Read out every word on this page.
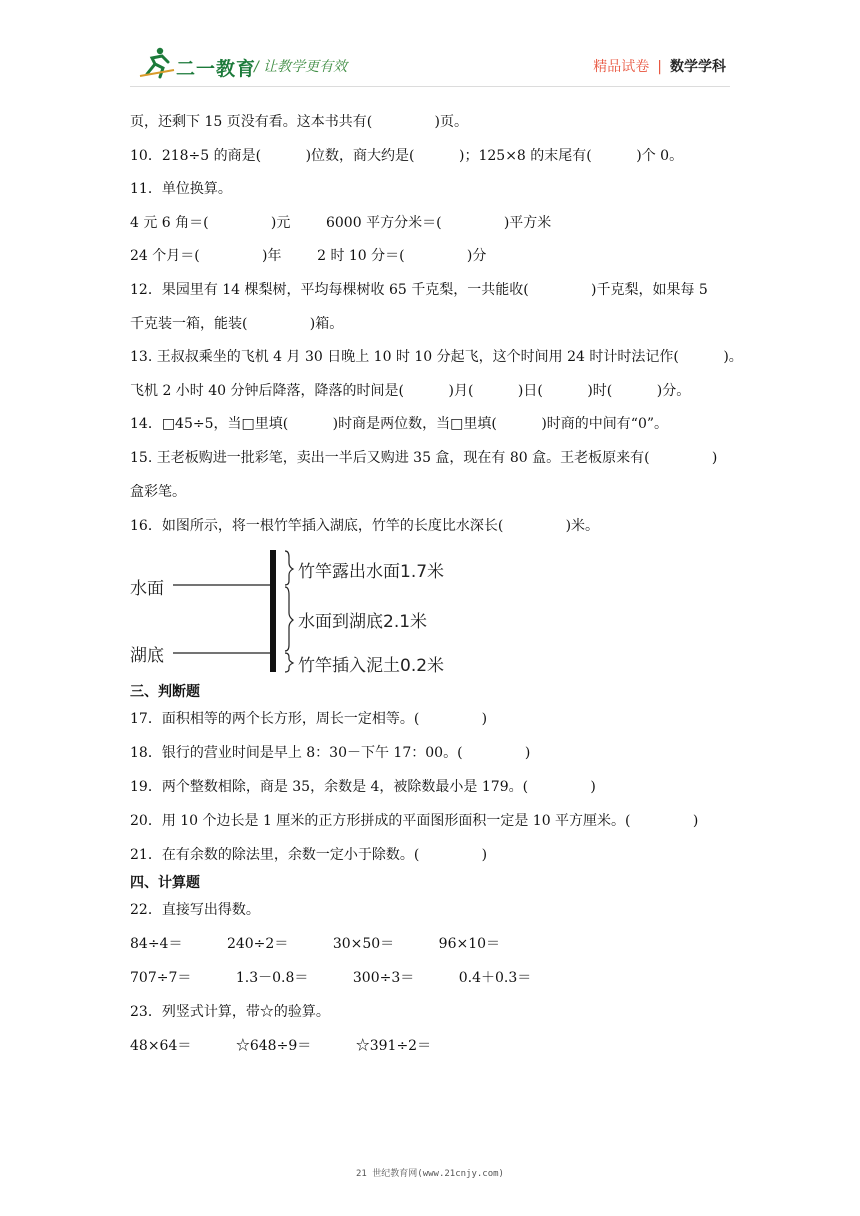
二一教育
/ 让教学更有效	精品试卷 | 数学学科
页，还剩下 15 页没有看。这本书共有(              )页。
10．218÷5 的商是(          )位数，商大约是(          )；125×8 的末尾有(          )个 0。
11．单位换算。
4 元 6 角＝(              )元        6000 平方分米＝(              )平方米
24 个月＝(              )年        2 时 10 分＝(              )分
12．果园里有 14 棵梨树，平均每棵树收 65 千克梨，一共能收(              )千克梨，如果每 5
千克装一箱，能装(              )箱。
13. 王叔叔乘坐的飞机 4 月 30 日晚上 10 时 10 分起飞，这个时间用 24 时计时法记作(          )。
飞机 2 小时 40 分钟后降落，降落的时间是(          )月(          )日(          )时(          )分。
14．□45÷5，当□里填(          )时商是两位数，当□里填(          )时商的中间有“0”。
15. 王老板购进一批彩笔，卖出一半后又购进 35 盒，现在有 80 盒。王老板原来有(              )
盒彩笔。
16．如图所示，将一根竹竿插入湖底，竹竿的长度比水深长(              )米。
水面
湖底
竹竿露出水面1.7米
水面到湖底2.1米
竹竿插入泥土0.2米
三、判断题
17．面积相等的两个长方形，周长一定相等。(              )
18．银行的营业时间是早上 8：30－下午 17：00。(              )
19．两个整数相除，商是 35，余数是 4，被除数最小是 179。(              )
20．用 10 个边长是 1 厘米的正方形拼成的平面图形面积一定是 10 平方厘米。(              )
21．在有余数的除法里，余数一定小于除数。(              )
四、计算题
22．直接写出得数。
84÷4＝          240÷2＝          30×50＝          96×10＝
707÷7＝          1.3－0.8＝          300÷3＝          0.4＋0.3＝
23．列竖式计算，带☆的验算。
48×64＝          ☆648÷9＝          ☆391÷2＝
21 世纪教育网(www.21cnjy.com)
